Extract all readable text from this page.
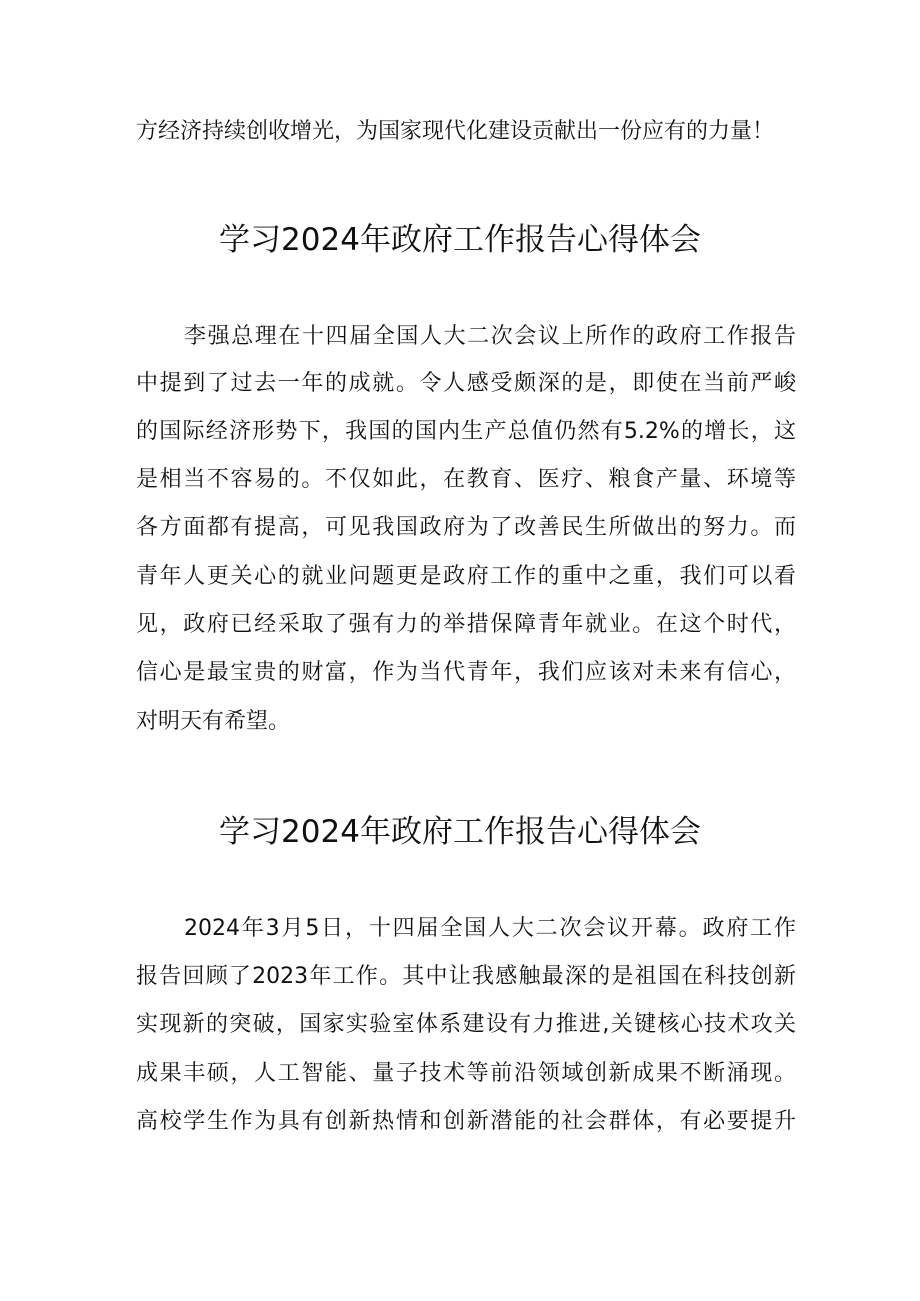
方经济持续创收增光，为国家现代化建设贡献出一份应有的力量！
学习2024年政府工作报告心得体会
李强总理在十四届全国人大二次会议上所作的政府工作报告
中提到了过去一年的成就。令人感受颇深的是，即使在当前严峻
的国际经济形势下，我国的国内生产总值仍然有5.2%的增长，这
是相当不容易的。不仅如此，在教育、医疗、粮食产量、环境等
各方面都有提高，可见我国政府为了改善民生所做出的努力。而
青年人更关心的就业问题更是政府工作的重中之重，我们可以看
见，政府已经采取了强有力的举措保障青年就业。在这个时代，
信心是最宝贵的财富，作为当代青年，我们应该对未来有信心，
对明天有希望。
学习2024年政府工作报告心得体会
2024年3月5日，十四届全国人大二次会议开幕。政府工作
报告回顾了2023年工作。其中让我感触最深的是祖国在科技创新
实现新的突破，国家实验室体系建设有力推进,关键核心技术攻关
成果丰硕，人工智能、量子技术等前沿领域创新成果不断涌现。
高校学生作为具有创新热情和创新潜能的社会群体，有必要提升
